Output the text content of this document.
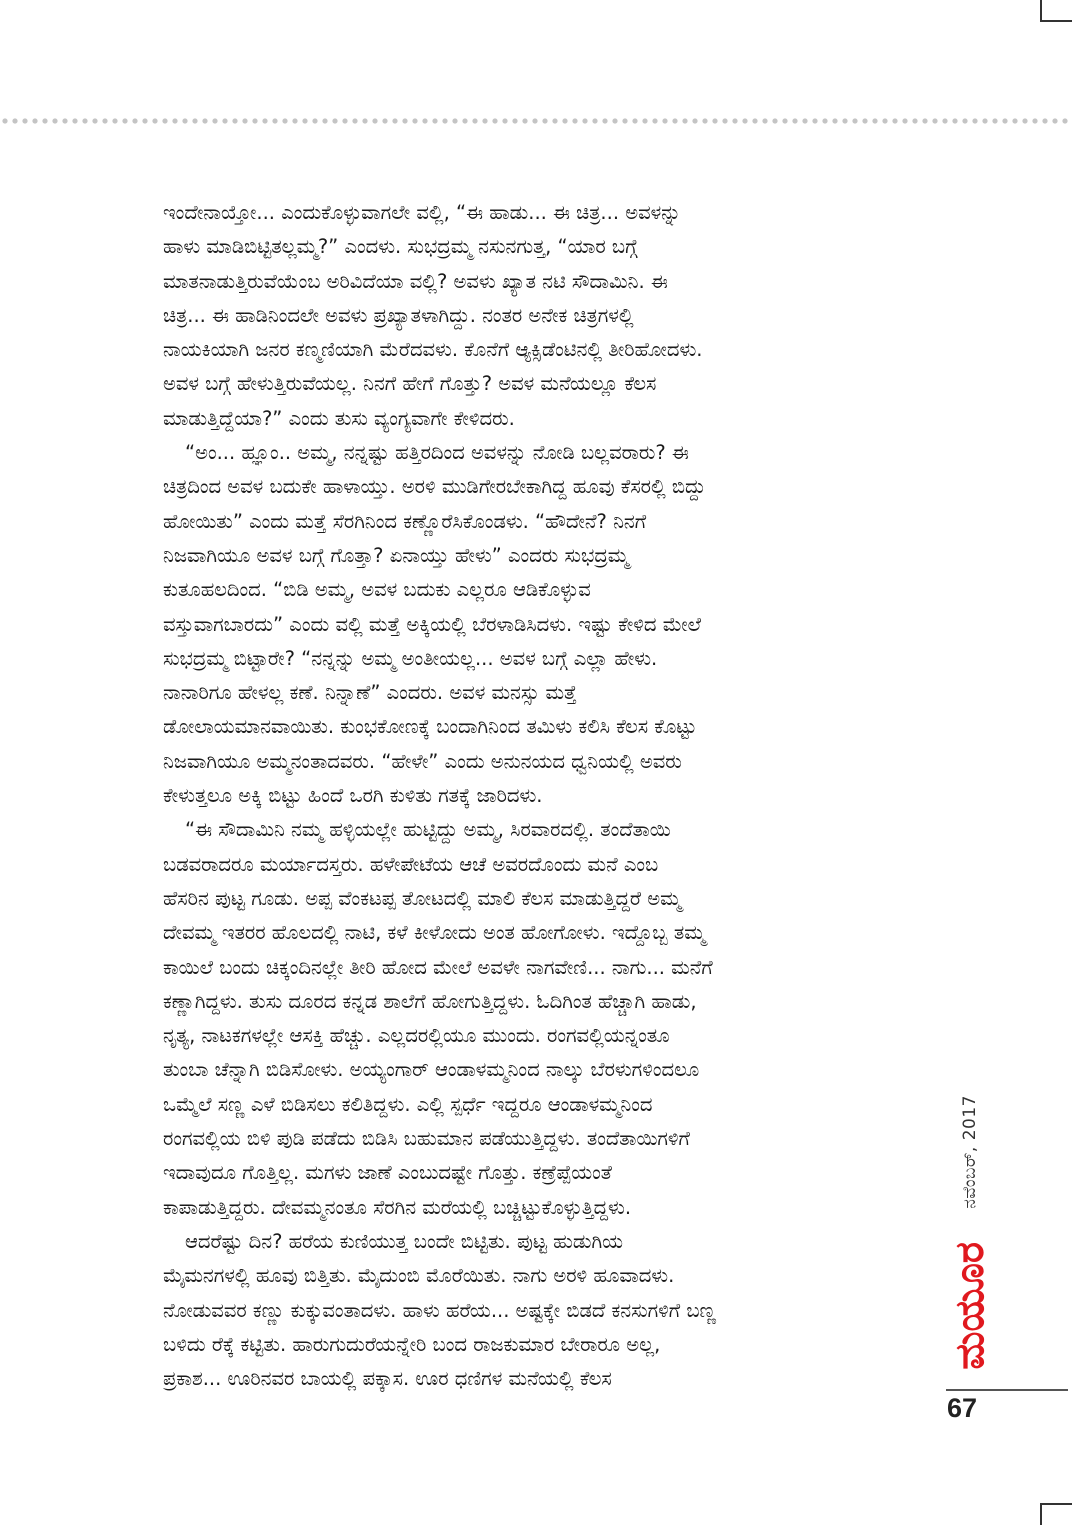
ಇಂದೇನಾಯ್ತೋ... ಎಂದುಕೊಳ್ಳುವಾಗಲೇ ವಲ್ಲಿ, “ಈ ಹಾಡು... ಈ ಚಿತ್ರ... ಅವಳನ್ನು
ಹಾಳು ಮಾಡಿಬಿಟ್ಟಿತಲ್ಲಮ್ಮ?” ಎಂದಳು. ಸುಭದ್ರಮ್ಮ ನಸುನಗುತ್ತ, “ಯಾರ ಬಗ್ಗೆ
ಮಾತನಾಡುತ್ತಿರುವೆಯೆಂಬ ಅರಿವಿದೆಯಾ ವಲ್ಲಿ? ಅವಳು ಖ್ಯಾತ ನಟಿ ಸೌದಾಮಿನಿ. ಈ
ಚಿತ್ರ... ಈ ಹಾಡಿನಿಂದಲೇ ಅವಳು ಪ್ರಖ್ಯಾತಳಾಗಿದ್ದು. ನಂತರ ಅನೇಕ ಚಿತ್ರಗಳಲ್ಲಿ
ನಾಯಕಿಯಾಗಿ ಜನರ ಕಣ್ಮಣಿಯಾಗಿ ಮೆರೆದವಳು. ಕೊನೆಗೆ ಆ್ಯಕ್ಸಿಡೆಂಟಿನಲ್ಲಿ ತೀರಿಹೋದಳು.
ಅವಳ ಬಗ್ಗೆ ಹೇಳುತ್ತಿರುವೆಯಲ್ಲ. ನಿನಗೆ ಹೇಗೆ ಗೊತ್ತು? ಅವಳ ಮನೆಯಲ್ಲೂ ಕೆಲಸ
ಮಾಡುತ್ತಿದ್ದೆಯಾ?” ಎಂದು ತುಸು ವ್ಯಂಗ್ಯವಾಗೇ ಕೇಳಿದರು.
“ಅಂ... ಹ್ಞೂಂ.. ಅಮ್ಮ, ನನ್ನಷ್ಟು ಹತ್ತಿರದಿಂದ ಅವಳನ್ನು ನೋಡಿ ಬಲ್ಲವರಾರು? ಈ
ಚಿತ್ರದಿಂದ ಅವಳ ಬದುಕೇ ಹಾಳಾಯ್ತು. ಅರಳಿ ಮುಡಿಗೇರಬೇಕಾಗಿದ್ದ ಹೂವು ಕೆಸರಲ್ಲಿ ಬಿದ್ದು
ಹೋಯಿತು” ಎಂದು ಮತ್ತೆ ಸೆರಗಿನಿಂದ ಕಣ್ಣೊರೆಸಿಕೊಂಡಳು. “ಹೌದೇನೆ? ನಿನಗೆ
ನಿಜವಾಗಿಯೂ ಅವಳ ಬಗ್ಗೆ ಗೊತ್ತಾ? ಏನಾಯ್ತು ಹೇಳು” ಎಂದರು ಸುಭದ್ರಮ್ಮ
ಕುತೂಹಲದಿಂದ. “ಬಿಡಿ ಅಮ್ಮ, ಅವಳ ಬದುಕು ಎಲ್ಲರೂ ಆಡಿಕೊಳ್ಳುವ
ವಸ್ತುವಾಗಬಾರದು” ಎಂದು ವಲ್ಲಿ ಮತ್ತೆ ಅಕ್ಕಿಯಲ್ಲಿ ಬೆರಳಾಡಿಸಿದಳು. ಇಷ್ಟು ಕೇಳಿದ ಮೇಲೆ
ಸುಭದ್ರಮ್ಮ ಬಿಟ್ಟಾರೇ? “ನನ್ನನ್ನು ಅಮ್ಮ ಅಂತೀಯಲ್ಲ... ಅವಳ ಬಗ್ಗೆ ಎಲ್ಲಾ ಹೇಳು.
ನಾನಾರಿಗೂ ಹೇಳಲ್ಲ ಕಣೆ. ನಿನ್ನಾಣೆ” ಎಂದರು. ಅವಳ ಮನಸ್ಸು ಮತ್ತೆ
ಡೋಲಾಯಮಾನವಾಯಿತು. ಕುಂಭಕೋಣಕ್ಕೆ ಬಂದಾಗಿನಿಂದ ತಮಿಳು ಕಲಿಸಿ ಕೆಲಸ ಕೊಟ್ಟು
ನಿಜವಾಗಿಯೂ ಅಮ್ಮನಂತಾದವರು. “ಹೇಳೇ” ಎಂದು ಅನುನಯದ ಧ್ವನಿಯಲ್ಲಿ ಅವರು
ಕೇಳುತ್ತಲೂ ಅಕ್ಕಿ ಬಿಟ್ಟು ಹಿಂದೆ ಒರಗಿ ಕುಳಿತು ಗತಕ್ಕೆ ಜಾರಿದಳು.
“ಈ ಸೌದಾಮಿನಿ ನಮ್ಮ ಹಳ್ಳಿಯಲ್ಲೇ ಹುಟ್ಟಿದ್ದು ಅಮ್ಮ, ಸಿರವಾರದಲ್ಲಿ. ತಂದೆತಾಯಿ
ಬಡವರಾದರೂ ಮರ್ಯಾದಸ್ತರು. ಹಳೇಪೇಟೆಯ ಆಚೆ ಅವರದೊಂದು ಮನೆ ಎಂಬ
ಹೆಸರಿನ ಪುಟ್ಟ ಗೂಡು. ಅಪ್ಪ ವೆಂಕಟಪ್ಪ ತೋಟದಲ್ಲಿ ಮಾಲಿ ಕೆಲಸ ಮಾಡುತ್ತಿದ್ದರೆ ಅಮ್ಮ
ದೇವಮ್ಮ ಇತರರ ಹೊಲದಲ್ಲಿ ನಾಟಿ, ಕಳೆ ಕೀಳೋದು ಅಂತ ಹೋಗೋಳು. ಇದ್ದೊಬ್ಬ ತಮ್ಮ
ಕಾಯಿಲೆ ಬಂದು ಚಿಕ್ಕಂದಿನಲ್ಲೇ ತೀರಿ ಹೋದ ಮೇಲೆ ಅವಳೇ ನಾಗವೇಣಿ... ನಾಗು... ಮನೆಗೆ
ಕಣ್ಣಾಗಿದ್ದಳು. ತುಸು ದೂರದ ಕನ್ನಡ ಶಾಲೆಗೆ ಹೋಗುತ್ತಿದ್ದಳು. ಓದಿಗಿಂತ ಹೆಚ್ಚಾಗಿ ಹಾಡು,
ನೃತ್ಯ, ನಾಟಕಗಳಲ್ಲೇ ಆಸಕ್ತಿ ಹೆಚ್ಚು. ಎಲ್ಲದರಲ್ಲಿಯೂ ಮುಂದು. ರಂಗವಲ್ಲಿಯನ್ನಂತೂ
ತುಂಬಾ ಚೆನ್ನಾಗಿ ಬಿಡಿಸೋಳು. ಅಯ್ಯಂಗಾರ್ ಆಂಡಾಳಮ್ಮನಿಂದ ನಾಲ್ಕು ಬೆರಳುಗಳಿಂದಲೂ
ಒಮ್ಮೆಲೆ ಸಣ್ಣ ಎಳೆ ಬಿಡಿಸಲು ಕಲಿತಿದ್ದಳು. ಎಲ್ಲಿ ಸ್ಪರ್ಧೆ ಇದ್ದರೂ ಆಂಡಾಳಮ್ಮನಿಂದ
ರಂಗವಲ್ಲಿಯ ಬಿಳಿ ಪುಡಿ ಪಡೆದು ಬಿಡಿಸಿ ಬಹುಮಾನ ಪಡೆಯುತ್ತಿದ್ದಳು. ತಂದೆತಾಯಿಗಳಿಗೆ
ಇದಾವುದೂ ಗೊತ್ತಿಲ್ಲ. ಮಗಳು ಜಾಣೆ ಎಂಬುದಷ್ಟೇ ಗೊತ್ತು. ಕಣ್ರೆಪ್ಪೆಯಂತೆ
ಕಾಪಾಡುತ್ತಿದ್ದರು. ದೇವಮ್ಮನಂತೂ ಸೆರಗಿನ ಮರೆಯಲ್ಲಿ ಬಚ್ಚಿಟ್ಟುಕೊಳ್ಳುತ್ತಿದ್ದಳು.
ಆದರೆಷ್ಟು ದಿನ? ಹರೆಯ ಕುಣಿಯುತ್ತ ಬಂದೇ ಬಿಟ್ಟಿತು. ಪುಟ್ಟ ಹುಡುಗಿಯ
ಮೈಮನಗಳಲ್ಲಿ ಹೂವು ಬಿತ್ತಿತು. ಮೈದುಂಬಿ ಮೊರೆಯಿತು. ನಾಗು ಅರಳಿ ಹೂವಾದಳು.
ನೋಡುವವರ ಕಣ್ಣು ಕುಕ್ಕುವಂತಾದಳು. ಹಾಳು ಹರೆಯ... ಅಷ್ಟಕ್ಕೇ ಬಿಡದೆ ಕನಸುಗಳಿಗೆ ಬಣ್ಣ
ಬಳಿದು ರೆಕ್ಕೆ ಕಟ್ಟಿತು. ಹಾರುಗುದುರೆಯನ್ನೇರಿ ಬಂದ ರಾಜಕುಮಾರ ಬೇರಾರೂ ಅಲ್ಲ,
ಪ್ರಕಾಶ... ಊರಿನವರ ಬಾಯಲ್ಲಿ ಪಕ್ಕಾಸ. ಊರ ಧಣಿಗಳ ಮನೆಯಲ್ಲಿ ಕೆಲಸ
ನವೆಂಬರ್, 2017
ಮಯೂರ
67
